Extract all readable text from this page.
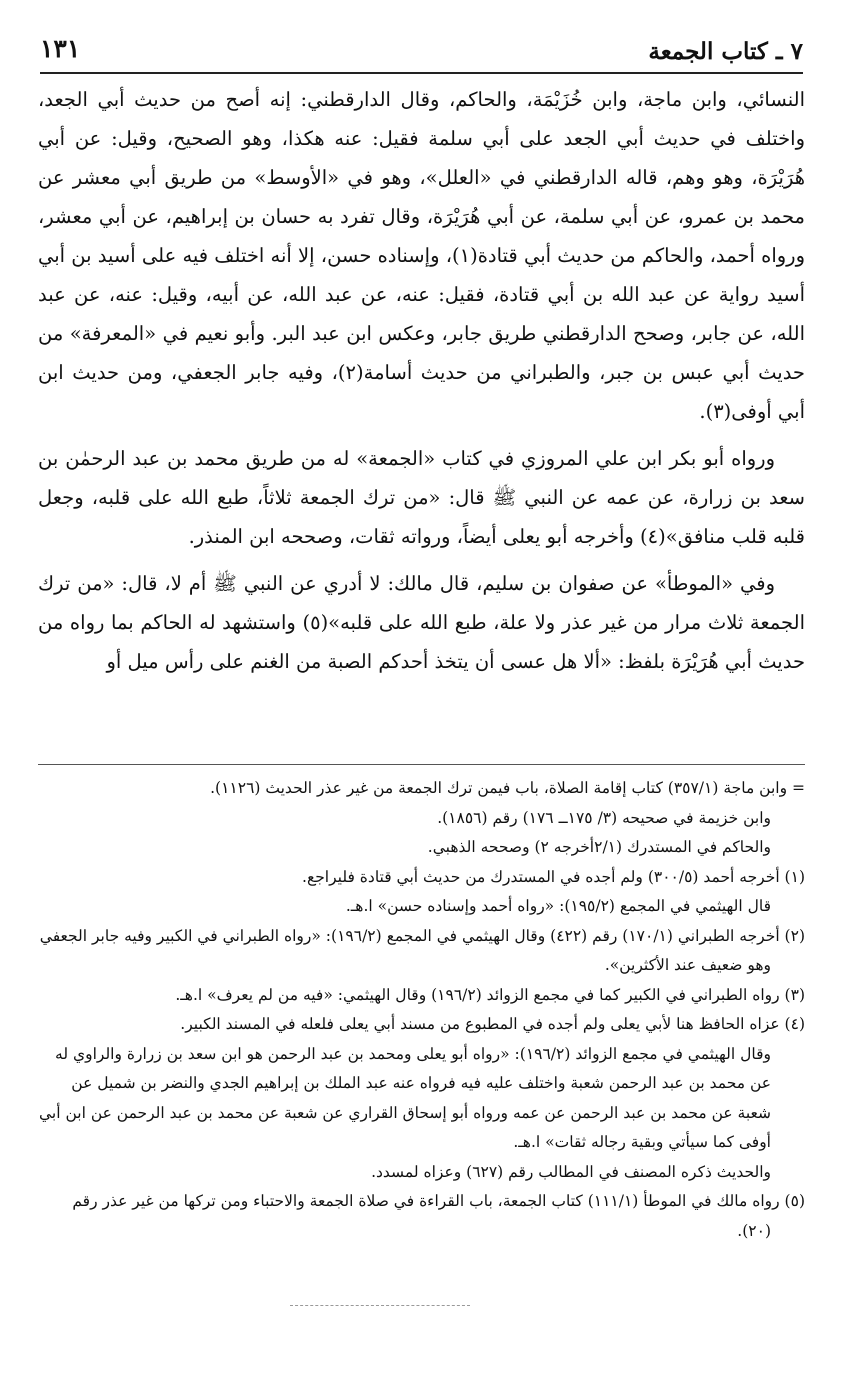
٧ ـ كتاب الجمعة
١٣١

النسائي، وابن ماجة، وابن خُزَيْمَة، والحاكم، وقال الدارقطني: إنه أصح من حديث أبي الجعد، واختلف في حديث أبي الجعد على أبي سلمة فقيل: عنه هكذا، وهو الصحيح، وقيل: عن أبي هُرَيْرَة، وهو وهم، قاله الدارقطني في «العلل»، وهو في «الأوسط» من طريق أبي معشر عن محمد بن عمرو، عن أبي سلمة، عن أبي هُرَيْرَة، وقال تفرد به حسان بن إبراهيم، عن أبي معشر، ورواه أحمد، والحاكم من حديث أبي قتادة(١)، وإسناده حسن، إلا أنه اختلف فيه على أسيد بن أبي أسيد رواية عن عبد الله بن أبي قتادة، فقيل: عنه، عن عبد الله، عن أبيه، وقيل: عنه، عن عبد الله، عن جابر، وصحح الدارقطني طريق جابر، وعكس ابن عبد البر. وأبو نعيم في «المعرفة» من حديث أبي عبس بن جبر، والطبراني من حديث أسامة(٢)، وفيه جابر الجعفي، ومن حديث ابن أبي أوفى(٣).

ورواه أبو بكر ابن علي المروزي في كتاب «الجمعة» له من طريق محمد بن عبد الرحمٰن بن سعد بن زرارة، عن عمه عن النبي ﷺ قال: «من ترك الجمعة ثلاثاً، طبع الله على قلبه، وجعل قلبه قلب منافق»(٤) وأخرجه أبو يعلى أيضاً، ورواته ثقات، وصححه ابن المنذر.

وفي «الموطأ» عن صفوان بن سليم، قال مالك: لا أدري عن النبي ﷺ أم لا، قال: «من ترك الجمعة ثلاث مرار من غير عذر ولا علة، طبع الله على قلبه»(٥) واستشهد له الحاكم بما رواه من حديث أبي هُرَيْرَة بلفظ: «ألا هل عسى أن يتخذ أحدكم الصبة من الغنم على رأس ميل أو

= وابن ماجة (٣٥٧/١) كتاب إقامة الصلاة، باب فيمن ترك الجمعة من غير عذر الحديث (١١٢٦).

وابن خزيمة في صحيحه (٣/ ١٧٥ــ ١٧٦) رقم (١٨٥٦).

والحاكم في المستدرك (٢/١أخرجه ٢) وصححه الذهبي.

(١) أخرجه أحمد (٣٠٠/٥) ولم أجده في المستدرك من حديث أبي قتادة فليراجع.

قال الهيثمي في المجمع (١٩٥/٢): «رواه أحمد وإسناده حسن» ا.هـ.

(٢) أخرجه الطبراني (١٧٠/١) رقم (٤٢٢) وقال الهيثمي في المجمع (١٩٦/٢): «رواه الطبراني في الكبير وفيه جابر الجعفي وهو ضعيف عند الأكثرين».

(٣) رواه الطبراني في الكبير كما في مجمع الزوائد (١٩٦/٢) وقال الهيثمي: «فيه من لم يعرف» ا.هـ.

(٤) عزاه الحافظ هنا لأبي يعلى ولم أجده في المطبوع من مسند أبي يعلى فلعله في المسند الكبير.

وقال الهيثمي في مجمع الزوائد (١٩٦/٢): «رواه أبو يعلى ومحمد بن عبد الرحمن هو ابن سعد بن زرارة والراوي له عن محمد بن عبد الرحمن شعبة واختلف عليه فيه فرواه عنه عبد الملك بن إبراهيم الجدي والنضر بن شميل عن شعبة عن محمد بن عبد الرحمن عن عمه ورواه أبو إسحاق القراري عن شعبة عن محمد بن عبد الرحمن عن ابن أبي أوفى كما سيأتي وبقية رجاله ثقات» ا.هـ.

والحديث ذكره المصنف في المطالب رقم (٦٢٧) وعزاه لمسدد.

(٥) رواه مالك في الموطأ (١١١/١) كتاب الجمعة، باب القراءة في صلاة الجمعة والاحتباء ومن تركها من غير عذر رقم (٢٠).
